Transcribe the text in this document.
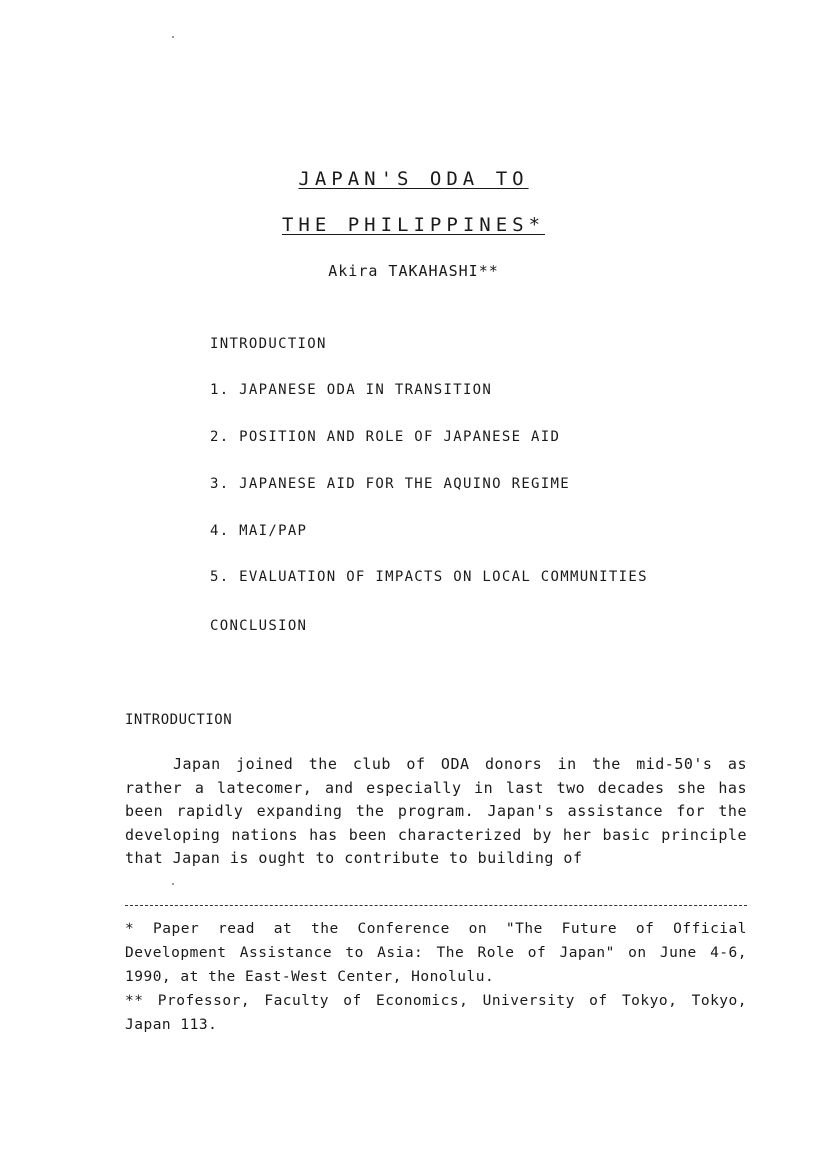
JAPAN'S ODA TO
THE PHILIPPINES*
Akira TAKAHASHI**
INTRODUCTION
1. JAPANESE ODA IN TRANSITION
2. POSITION AND ROLE OF JAPANESE AID
3. JAPANESE AID FOR THE AQUINO REGIME
4. MAI/PAP
5. EVALUATION OF IMPACTS ON LOCAL COMMUNITIES
CONCLUSION
INTRODUCTION
Japan joined the club of ODA donors in the mid-50's as rather a latecomer, and especially in last two decades she has been rapidly expanding the program. Japan's assistance for the developing nations has been characterized by her basic principle that Japan is ought to contribute to building of

* Paper read at the Conference on "The Future of Official Development Assistance to Asia: The Role of Japan" on June 4-6, 1990, at the East-West Center, Honolulu.

** Professor, Faculty of Economics, University of Tokyo, Tokyo, Japan 113.
